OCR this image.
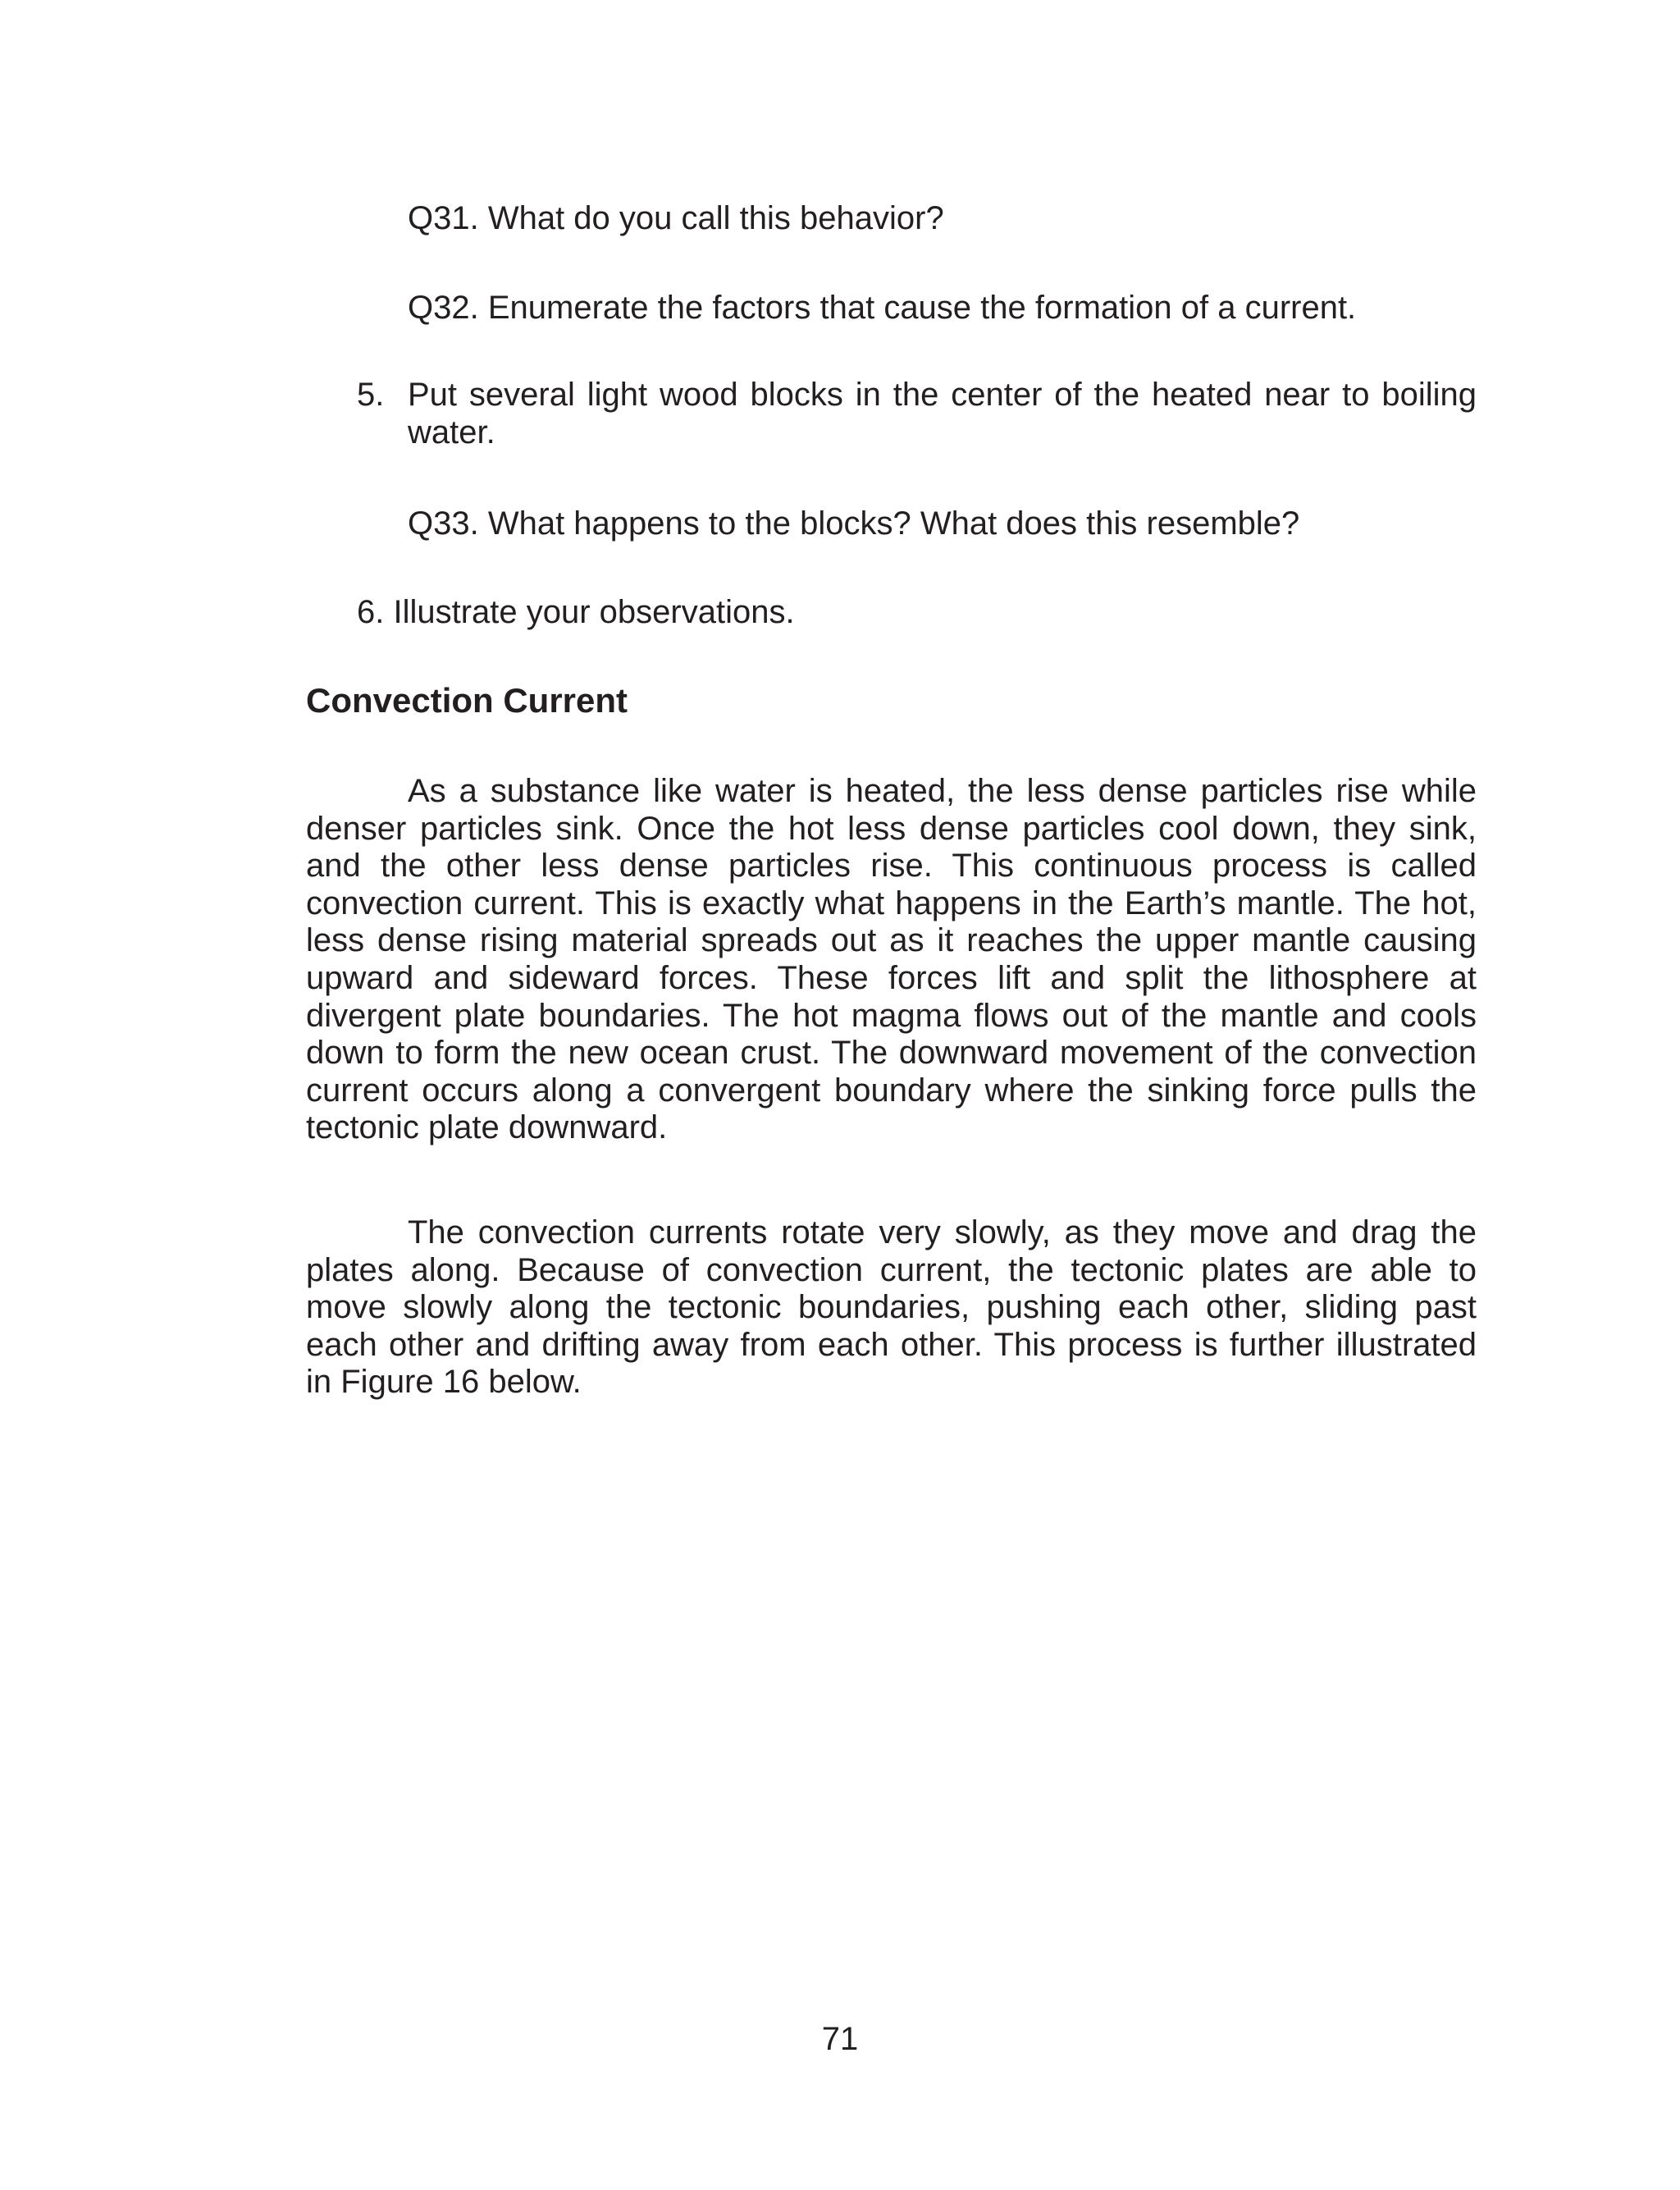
Q31. What do you call this behavior?

Q32. Enumerate the factors that cause the formation of a current.

5. Put several light wood blocks in the center of the heated near to boiling
water.

Q33. What happens to the blocks? What does this resemble?

6. Illustrate your observations.

Convection Current

As a substance like water is heated, the less dense particles rise while denser particles sink. Once the hot less dense particles cool down, they sink, and the other less dense particles rise. This continuous process is called convection current. This is exactly what happens in the Earth’s mantle. The hot, less dense rising material spreads out as it reaches the upper mantle causing upward and sideward forces. These forces lift and split the lithosphere at divergent plate boundaries. The hot magma flows out of the mantle and cools down to form the new ocean crust. The downward movement of the convection current occurs along a convergent boundary where the sinking force pulls the tectonic plate downward.

The convection currents rotate very slowly, as they move and drag the plates along. Because of convection current, the tectonic plates are able to move slowly along the tectonic boundaries, pushing each other, sliding past each other and drifting away from each other. This process is further illustrated in Figure 16 below.

71
